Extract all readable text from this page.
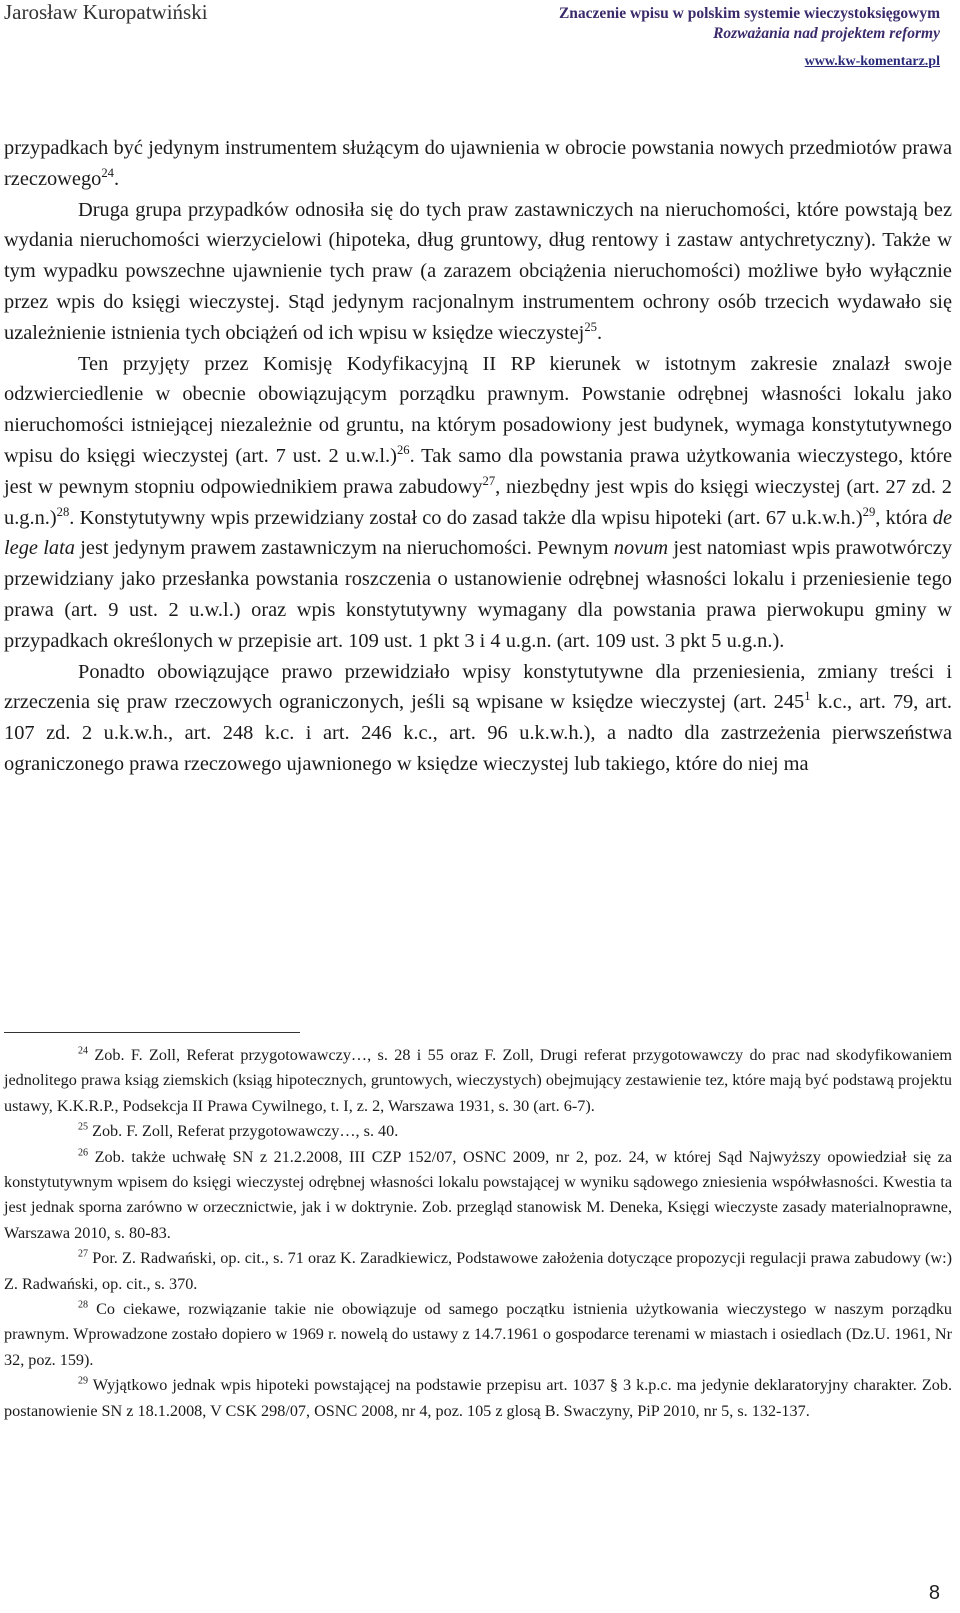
Jarosław Kuropatwiński	Znaczenie wpisu w polskim systemie wieczystoksięgowym
Rozważania nad projektem reformy
www.kw-komentarz.pl

przypadkach być jedynym instrumentem służącym do ujawnienia w obrocie powstania nowych przedmiotów prawa rzeczowego$^{24}$.

Druga grupa przypadków odnosiła się do tych praw zastawniczych na nieruchomości, które powstają bez wydania nieruchomości wierzycielowi (hipoteka, dług gruntowy, dług rentowy i zastaw antychretyczny). Także w tym wypadku powszechne ujawnienie tych praw (a zarazem obciążenia nieruchomości) możliwe było wyłącznie przez wpis do księgi wieczystej. Stąd jedynym racjonalnym instrumentem ochrony osób trzecich wydawało się uzależnienie istnienia tych obciążeń od ich wpisu w księdze wieczystej$^{25}$.

Ten przyjęty przez Komisję Kodyfikacyjną II RP kierunek w istotnym zakresie znalazł swoje odzwierciedlenie w obecnie obowiązującym porządku prawnym. Powstanie odrębnej własności lokalu jako nieruchomości istniejącej niezależnie od gruntu, na którym posadowiony jest budynek, wymaga konstytutywnego wpisu do księgi wieczystej (art. 7 ust. 2 u.w.l.)$^{26}$. Tak samo dla powstania prawa użytkowania wieczystego, które jest w pewnym stopniu odpowiednikiem prawa zabudowy$^{27}$, niezbędny jest wpis do księgi wieczystej (art. 27 zd. 2 u.g.n.)$^{28}$. Konstytutywny wpis przewidziany został co do zasad także dla wpisu hipoteki (art. 67 u.k.w.h.)$^{29}$, która de lege lata jest jedynym prawem zastawniczym na nieruchomości. Pewnym novum jest natomiast wpis prawotwórczy przewidziany jako przesłanka powstania roszczenia o ustanowienie odrębnej własności lokalu i przeniesienie tego prawa (art. 9 ust. 2 u.w.l.) oraz wpis konstytutywny wymagany dla powstania prawa pierwokupu gminy w przypadkach określonych w przepisie art. 109 ust. 1 pkt 3 i 4 u.g.n. (art. 109 ust. 3 pkt 5 u.g.n.).

Ponadto obowiązujące prawo przewidziało wpisy konstytutywne dla przeniesienia, zmiany treści i zrzeczenia się praw rzeczowych ograniczonych, jeśli są wpisane w księdze wieczystej (art. $245^1$ k.c., art. 79, art. 107 zd. 2 u.k.w.h., art. 248 k.c. i art. 246 k.c., art. 96 u.k.w.h.), a nadto dla zastrzeżenia pierwszeństwa ograniczonego prawa rzeczowego ujawnionego w księdze wieczystej lub takiego, które do niej ma

$^{24}$ Zob. F. Zoll, Referat przygotowawczy…, s. 28 i 55 oraz F. Zoll, Drugi referat przygotowawczy do prac nad skodyfikowaniem jednolitego prawa ksiąg ziemskich (ksiąg hipotecznych, gruntowych, wieczystych) obejmujący zestawienie tez, które mają być podstawą projektu ustawy, K.K.R.P., Podsekcja II Prawa Cywilnego, t. I, z. 2, Warszawa 1931, s. 30 (art. 6-7).

$^{25}$ Zob. F. Zoll, Referat przygotowawczy…, s. 40.

$^{26}$ Zob. także uchwałę SN z 21.2.2008, III CZP 152/07, OSNC 2009, nr 2, poz. 24, w której Sąd Najwyższy opowiedział się za konstytutywnym wpisem do księgi wieczystej odrębnej własności lokalu powstającej w wyniku sądowego zniesienia współwłasności. Kwestia ta jest jednak sporna zarówno w orzecznictwie, jak i w doktrynie. Zob. przegląd stanowisk M. Deneka, Księgi wieczyste zasady materialnoprawne, Warszawa 2010, s. 80-83.

$^{27}$ Por. Z. Radwański, op. cit., s. 71 oraz K. Zaradkiewicz, Podstawowe założenia dotyczące propozycji regulacji prawa zabudowy (w:) Z. Radwański, op. cit., s. 370.

$^{28}$ Co ciekawe, rozwiązanie takie nie obowiązuje od samego początku istnienia użytkowania wieczystego w naszym porządku prawnym. Wprowadzone zostało dopiero w 1969 r. nowelą do ustawy z 14.7.1961 o gospodarce terenami w miastach i osiedlach (Dz.U. 1961, Nr 32, poz. 159).

$^{29}$ Wyjątkowo jednak wpis hipoteki powstającej na podstawie przepisu art. 1037 § 3 k.p.c. ma jedynie deklaratoryjny charakter. Zob. postanowienie SN z 18.1.2008, V CSK 298/07, OSNC 2008, nr 4, poz. 105 z glosą B. Swaczyny, PiP 2010, nr 5, s. 132-137.

8
